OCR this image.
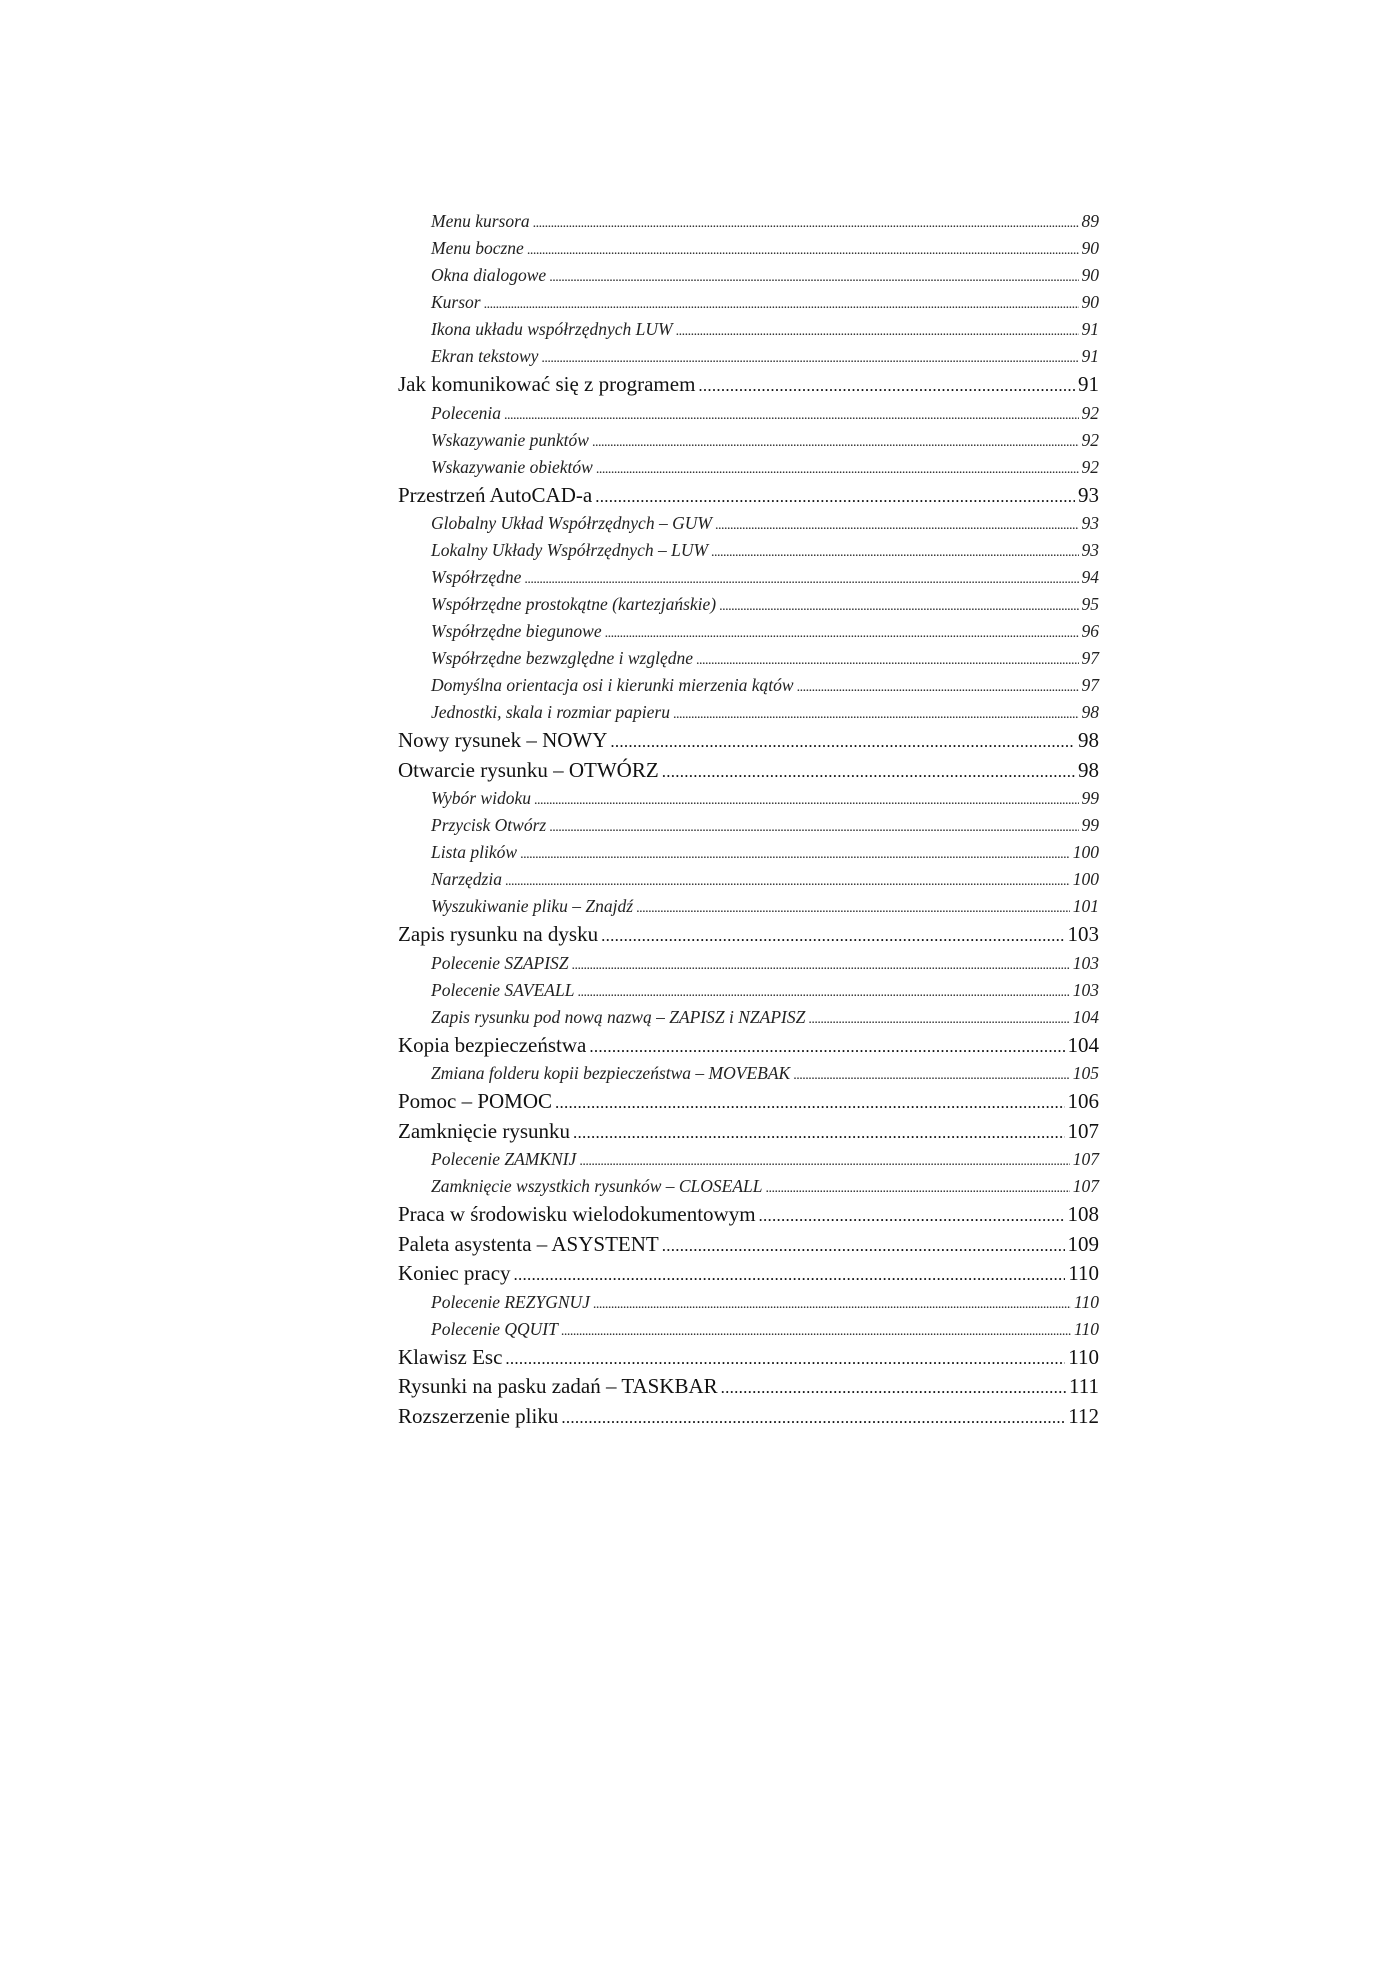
Menu kursora . . .	89
Menu boczne . . .	90
Okna dialogowe . . .	90
Kursor . . .	90
Ikona układu współrzędnych LUW . . .	91
Ekran tekstowy . . .	91
Jak komunikować się z programem . . .	91
Polecenia . . .	92
Wskazywanie punktów . . .	92
Wskazywanie obiektów . . .	92
Przestrzeń AutoCAD-a . . .	93
Globalny Układ Współrzędnych – GUW . . .	93
Lokalny Układy Współrzędnych – LUW . . .	93
Współrzędne . . .	94
Współrzędne prostokątne (kartezjańskie) . . .	95
Współrzędne biegunowe . . .	96
Współrzędne bezwzględne i względne . . .	97
Domyślna orientacja osi i kierunki mierzenia kątów . . .	97
Jednostki, skala i rozmiar papieru . . .	98
Nowy rysunek – NOWY . . .	98
Otwarcie rysunku – OTWÓRZ . . .	98
Wybór widoku . . .	99
Przycisk Otwórz . . .	99
Lista plików . . .	100
Narzędzia . . .	100
Wyszukiwanie pliku – Znajdź . . .	101
Zapis rysunku na dysku . . .	103
Polecenie SZAPISZ . . .	103
Polecenie SAVEALL . . .	103
Zapis rysunku pod nową nazwą – ZAPISZ i NZAPISZ . . .	104
Kopia bezpieczeństwa . . .	104
Zmiana folderu kopii bezpieczeństwa – MOVEBAK . . .	105
Pomoc – POMOC . . .	106
Zamknięcie rysunku . . .	107
Polecenie ZAMKNIJ . . .	107
Zamknięcie wszystkich rysunków – CLOSEALL . . .	107
Praca w środowisku wielodokumentowym . . .	108
Paleta asystenta – ASYSTENT . . .	109
Koniec pracy . . .	110
Polecenie REZYGNUJ . . .	110
Polecenie QQUIT . . .	110
Klawisz Esc . . .	110
Rysunki na pasku zadań – TASKBAR . . .	111
Rozszerzenie pliku . . .	112
